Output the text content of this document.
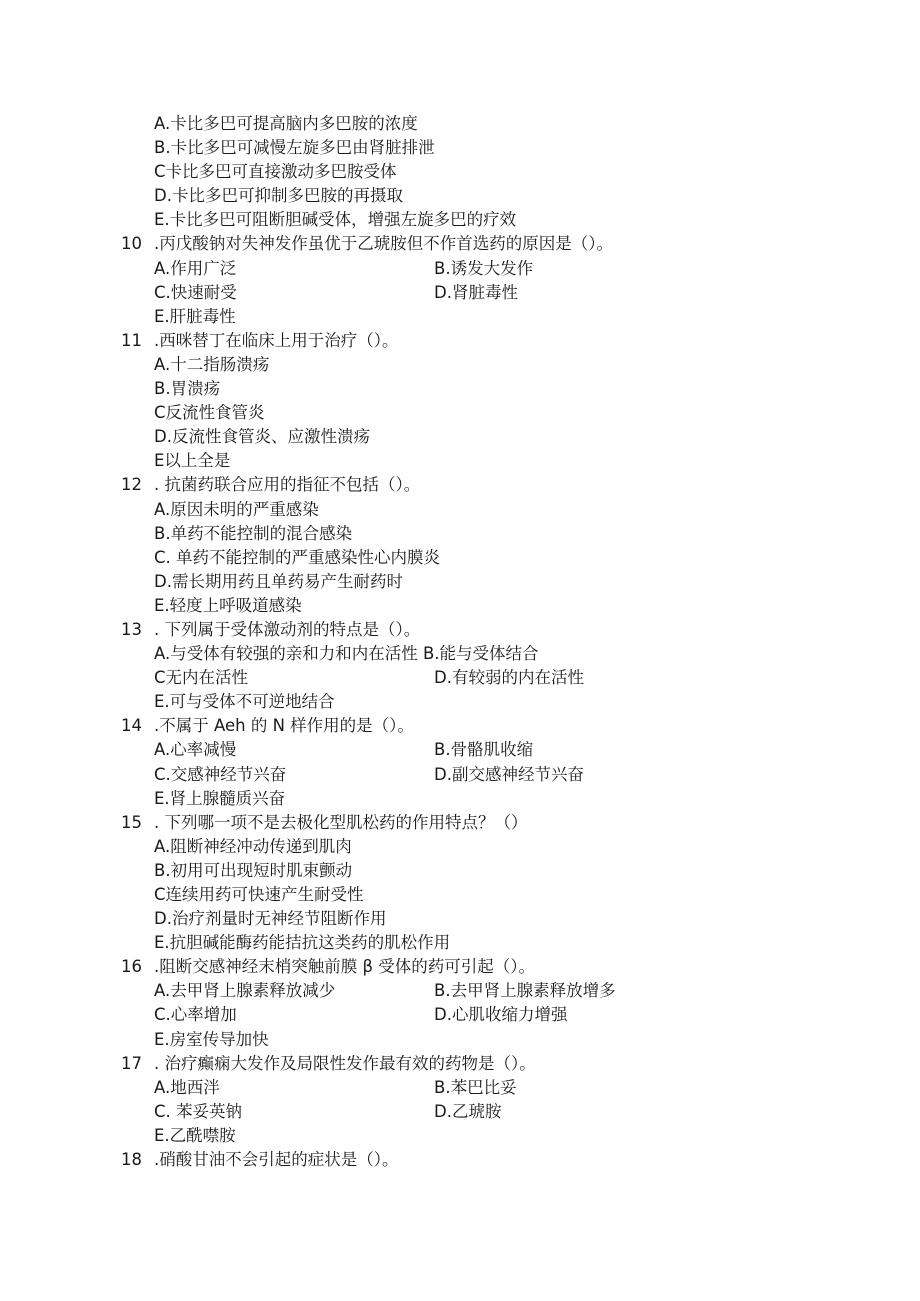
A.卡比多巴可提高脑内多巴胺的浓度
B.卡比多巴可减慢左旋多巴由肾脏排泄
C卡比多巴可直接激动多巴胺受体
D.卡比多巴可抑制多巴胺的再摄取
E.卡比多巴可阻断胆碱受体，增强左旋多巴的疗效
10 .丙戊酸钠对失神发作虽优于乙琥胺但不作首选药的原因是（）。
A.作用广泛	B.诱发大发作
C.快速耐受	D.肾脏毒性
E.肝脏毒性
11 .西咪替丁在临床上用于治疗（）。
A.十二指肠溃疡
B.胃溃疡
C反流性食管炎
D.反流性食管炎、应激性溃疡
E以上全是
12 . 抗菌药联合应用的指征不包括（）。
A.原因未明的严重感染
B.单药不能控制的混合感染
C. 单药不能控制的严重感染性心内膜炎
D.需长期用药且单药易产生耐药时
E.轻度上呼吸道感染
13 . 下列属于受体激动剂的特点是（）。
A.与受体有较强的亲和力和内在活性 B.能与受体结合
C无内在活性	D.有较弱的内在活性
E.可与受体不可逆地结合
14 .不属于 Aeh 的 N 样作用的是（）。
A.心率减慢	B.骨骼肌收缩
C.交感神经节兴奋	D.副交感神经节兴奋
E.肾上腺髓质兴奋
15 . 下列哪一项不是去极化型肌松药的作用特点？（）
A.阻断神经冲动传递到肌肉
B.初用可出现短时肌束颤动
C连续用药可快速产生耐受性
D.治疗剂量时无神经节阻断作用
E.抗胆碱能酶药能拮抗这类药的肌松作用
16 .阻断交感神经末梢突触前膜 β 受体的药可引起（）。
A.去甲肾上腺素释放减少	B.去甲肾上腺素释放增多
C.心率增加	D.心肌收缩力增强
E.房室传导加快
17 . 治疗癫痫大发作及局限性发作最有效的药物是（）。
A.地西泮	B.苯巴比妥
C. 苯妥英钠	D.乙琥胺
E.乙酰噤胺
18 .硝酸甘油不会引起的症状是（）。
